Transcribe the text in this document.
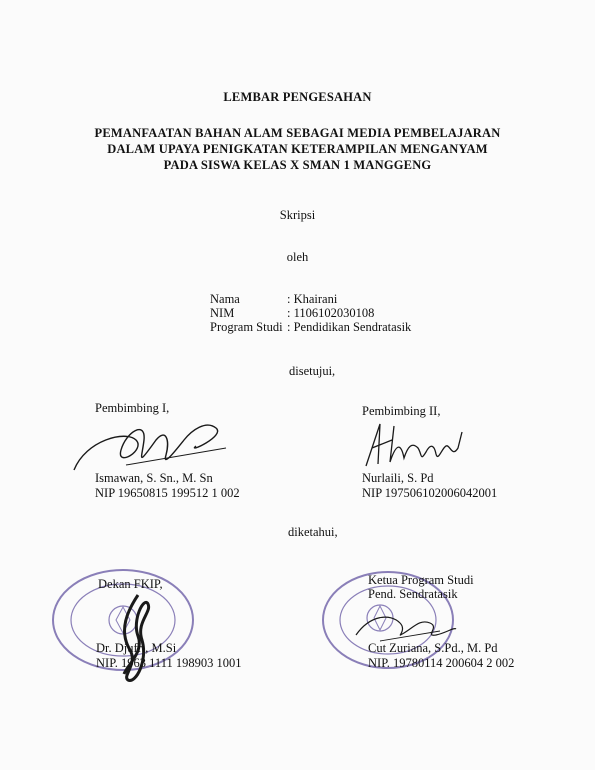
LEMBAR PENGESAHAN
PEMANFAATAN BAHAN ALAM SEBAGAI MEDIA PEMBELAJARAN
DALAM UPAYA PENIGKATAN KETERAMPILAN MENGANYAM
PADA SISWA KELAS X SMAN 1 MANGGENG
Skripsi
oleh
Nama	: Khairani
NIM	: 1106102030108
Program Studi : Pendidikan Sendratasik
disetujui,
Pembimbing I,
Ismawan, S. Sn., M. Sn
NIP 19650815 199512 1 002
Pembimbing II,
Nurlaili, S. Pd
NIP 197506102006042001
diketahui,
Dekan FKIP,
Dr. Djufri, M.Si
NIP. 1963 1111 198903 1001
Ketua Program Studi
Pend. Sendratasik
Cut Zuriana, S.Pd., M. Pd
NIP. 19780114 200604 2 002
